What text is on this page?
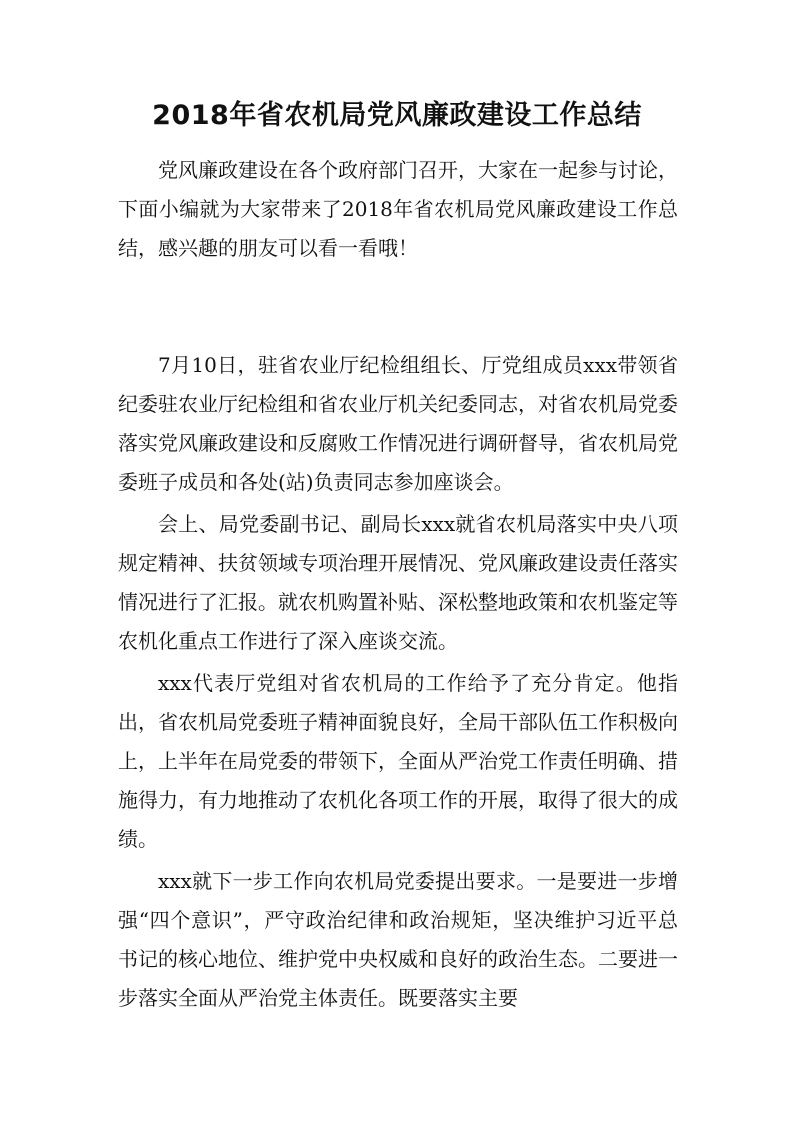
2018年省农机局党风廉政建设工作总结

党风廉政建设在各个政府部门召开，大家在一起参与讨论，下面小编就为大家带来了2018年省农机局党风廉政建设工作总结，感兴趣的朋友可以看一看哦！

7月10日，驻省农业厅纪检组组长、厅党组成员xxx带领省纪委驻农业厅纪检组和省农业厅机关纪委同志，对省农机局党委落实党风廉政建设和反腐败工作情况进行调研督导，省农机局党委班子成员和各处(站)负责同志参加座谈会。

会上、局党委副书记、副局长xxx就省农机局落实中央八项规定精神、扶贫领域专项治理开展情况、党风廉政建设责任落实情况进行了汇报。就农机购置补贴、深松整地政策和农机鉴定等农机化重点工作进行了深入座谈交流。

xxx代表厅党组对省农机局的工作给予了充分肯定。他指出，省农机局党委班子精神面貌良好，全局干部队伍工作积极向上，上半年在局党委的带领下，全面从严治党工作责任明确、措施得力，有力地推动了农机化各项工作的开展，取得了很大的成绩。

xxx就下一步工作向农机局党委提出要求。一是要进一步增强“四个意识”，严守政治纪律和政治规矩，坚决维护习近平总书记的核心地位、维护党中央权威和良好的政治生态。二要进一步落实全面从严治党主体责任。既要落实主要
